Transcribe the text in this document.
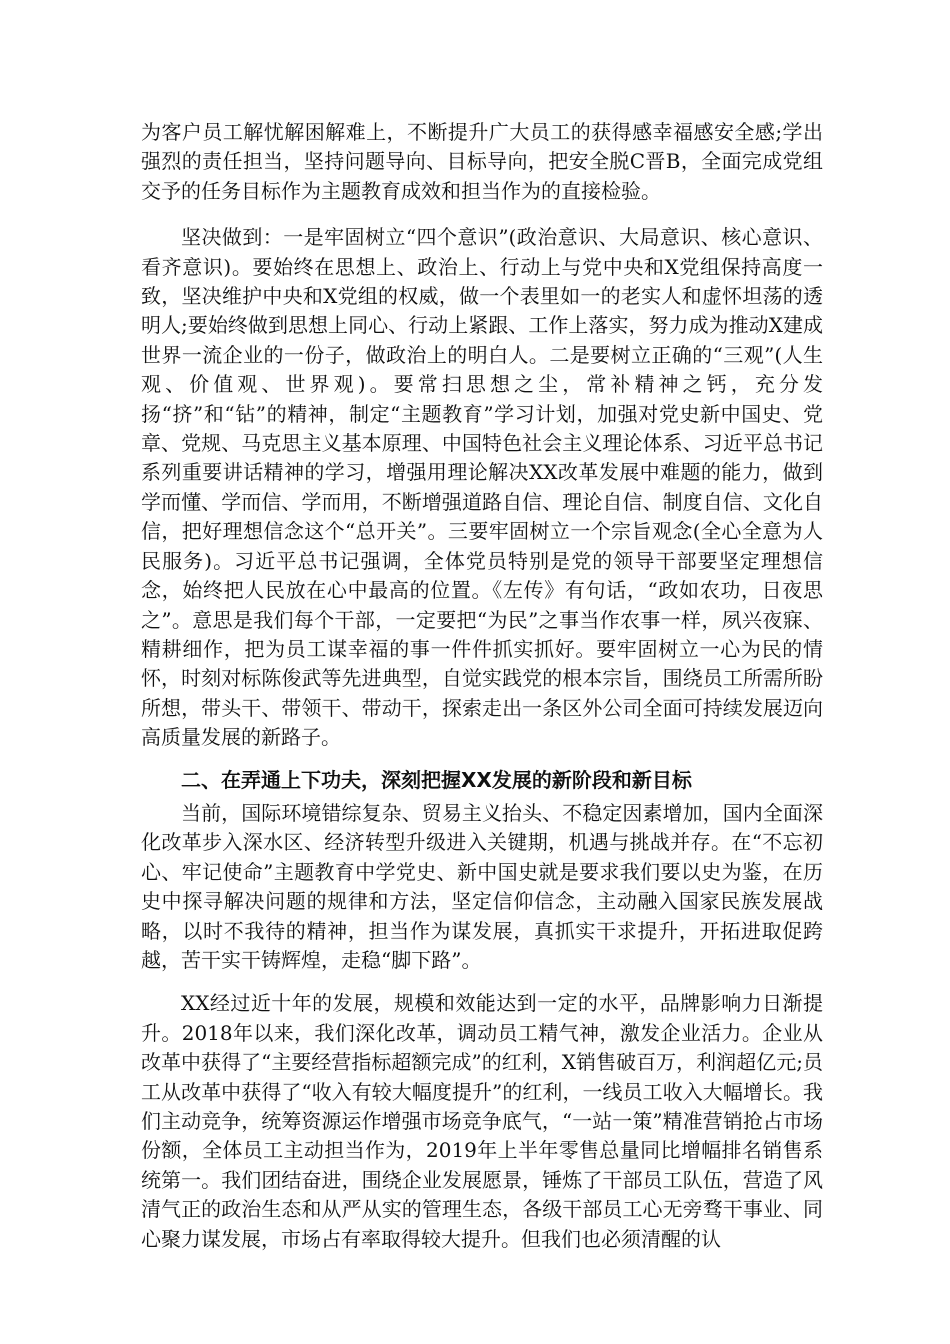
为客户员工解忧解困解难上，不断提升广大员工的获得感幸福感安全感;学出强烈的责任担当，坚持问题导向、目标导向，把安全脱C晋B，全面完成党组交予的任务目标作为主题教育成效和担当作为的直接检验。

坚决做到：一是牢固树立“四个意识”(政治意识、大局意识、核心意识、看齐意识)。要始终在思想上、政治上、行动上与党中央和X党组保持高度一致，坚决维护中央和X党组的权威，做一个表里如一的老实人和虚怀坦荡的透明人;要始终做到思想上同心、行动上紧跟、工作上落实，努力成为推动X建成世界一流企业的一份子，做政治上的明白人。二是要树立正确的“三观”(人生观、价值观、世界观)。要常扫思想之尘，常补精神之钙，充分发扬“挤”和“钻”的精神，制定“主题教育”学习计划，加强对党史新中国史、党章、党规、马克思主义基本原理、中国特色社会主义理论体系、习近平总书记系列重要讲话精神的学习，增强用理论解决XX改革发展中难题的能力，做到学而懂、学而信、学而用，不断增强道路自信、理论自信、制度自信、文化自信，把好理想信念这个“总开关”。三要牢固树立一个宗旨观念(全心全意为人民服务)。习近平总书记强调，全体党员特别是党的领导干部要坚定理想信念，始终把人民放在心中最高的位置。《左传》有句话，“政如农功，日夜思之”。意思是我们每个干部，一定要把“为民”之事当作农事一样，夙兴夜寐、精耕细作，把为员工谋幸福的事一件件抓实抓好。要牢固树立一心为民的情怀，时刻对标陈俊武等先进典型，自觉实践党的根本宗旨，围绕员工所需所盼所想，带头干、带领干、带动干，探索走出一条区外公司全面可持续发展迈向高质量发展的新路子。

二、在弄通上下功夫，深刻把握XX发展的新阶段和新目标

当前，国际环境错综复杂、贸易主义抬头、不稳定因素增加，国内全面深化改革步入深水区、经济转型升级进入关键期，机遇与挑战并存。在“不忘初心、牢记使命”主题教育中学党史、新中国史就是要求我们要以史为鉴，在历史中探寻解决问题的规律和方法，坚定信仰信念，主动融入国家民族发展战略，以时不我待的精神，担当作为谋发展，真抓实干求提升，开拓进取促跨越，苦干实干铸辉煌，走稳“脚下路”。

XX经过近十年的发展，规模和效能达到一定的水平，品牌影响力日渐提升。2018年以来，我们深化改革，调动员工精气神，激发企业活力。企业从改革中获得了“主要经营指标超额完成”的红利，X销售破百万，利润超亿元;员工从改革中获得了“收入有较大幅度提升”的红利，一线员工收入大幅增长。我们主动竞争，统筹资源运作增强市场竞争底气，“一站一策”精准营销抢占市场份额，全体员工主动担当作为，2019年上半年零售总量同比增幅排名销售系统第一。我们团结奋进，围绕企业发展愿景，锤炼了干部员工队伍，营造了风清气正的政治生态和从严从实的管理生态，各级干部员工心无旁骛干事业、同心聚力谋发展，市场占有率取得较大提升。但我们也必须清醒的认
